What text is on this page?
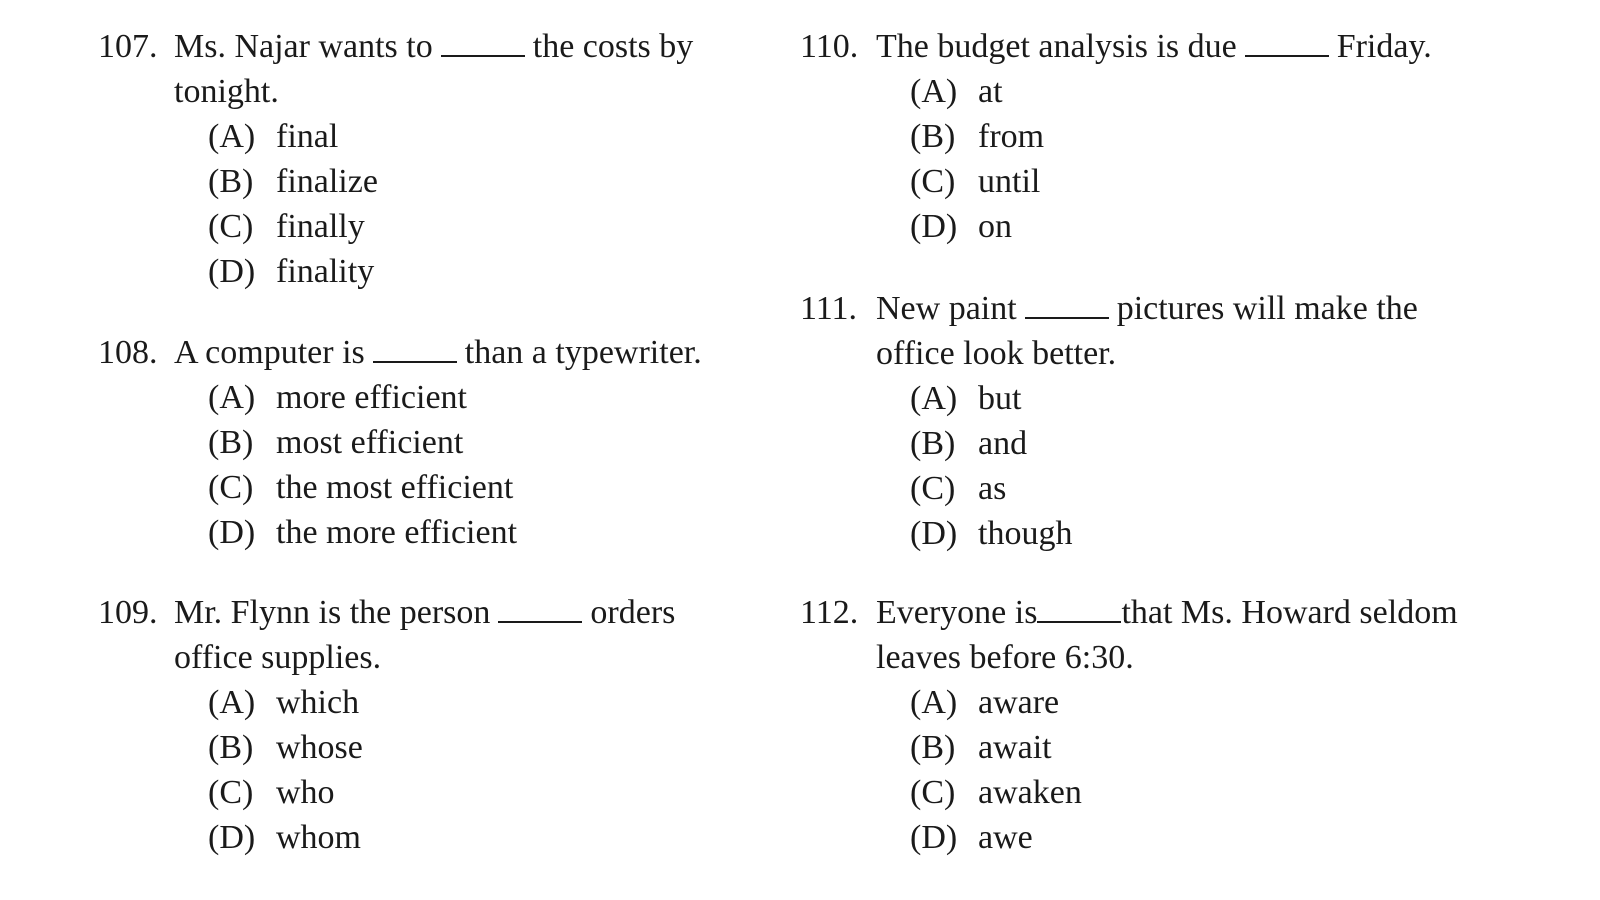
107. Ms. Najar wants to	the costs by
tonight.
(A) final
(B) finalize
(C) finally
(D) finality
108. A computer is	than a typewriter.
(A) more efficient
(B) most efficient
(C) the most efficient
(D) the more efficient
109. Mr. Flynn is the person	orders
office supplies.
(A) which
(B) whose
(C) who
(D) whom
110. The budget analysis is due	Friday.
(A) at
(B) from
(C) until
(D) on
111. New paint	pictures will make the
office look better.
(A) but
(B) and
(C) as
(D) though
112. Everyone is that Ms. Howard seldom
leaves before 6:30.
(A) aware
(B) await
(C) awaken
(D) awe
